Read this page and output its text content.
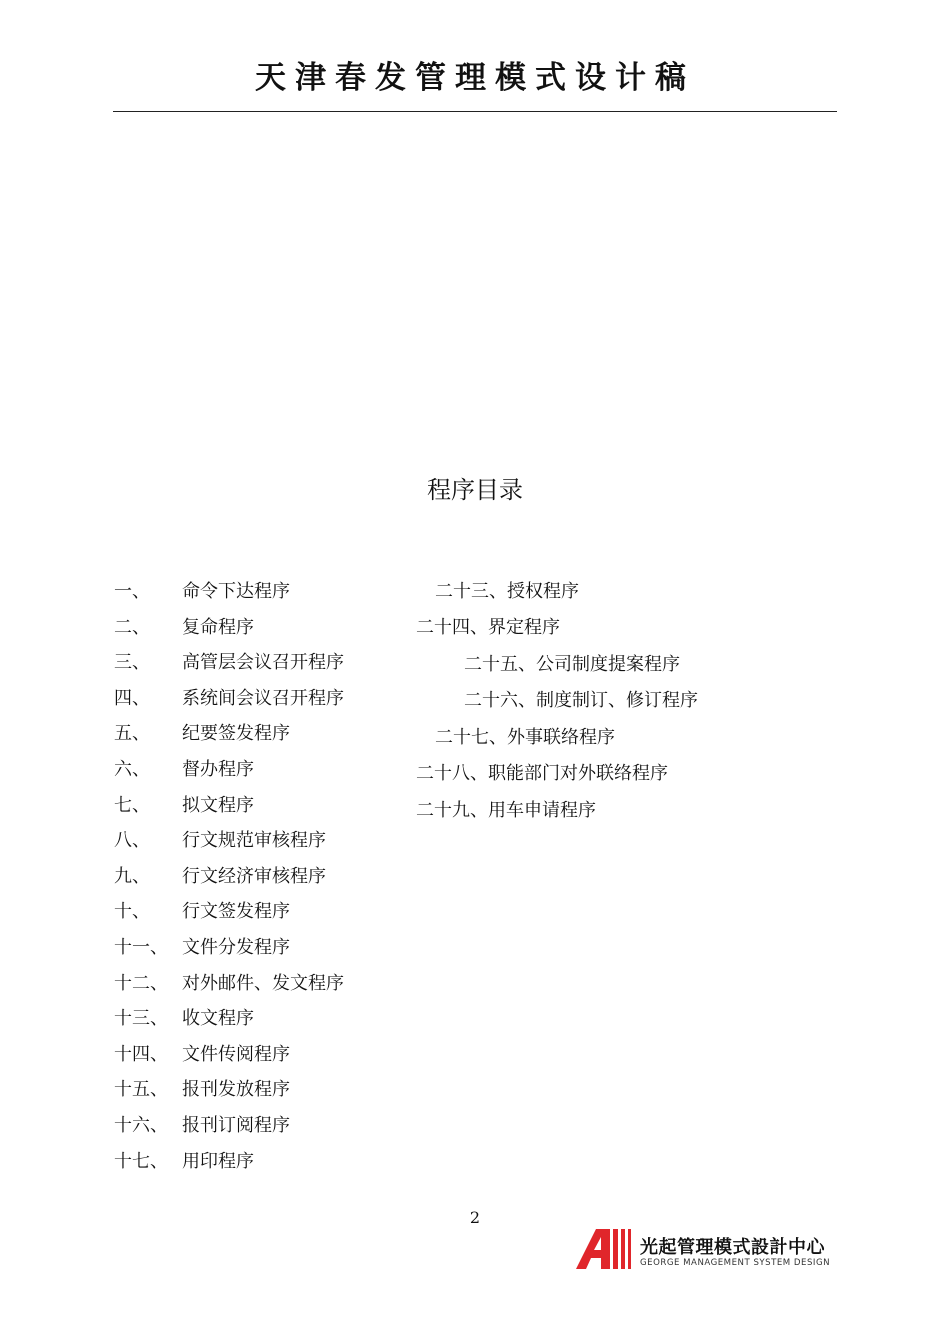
天津春发管理模式设计稿
程序目录
一、 命令下达程序
二、 复命程序
三、 高管层会议召开程序
四、 系统间会议召开程序
五、 纪要签发程序
六、 督办程序
七、 拟文程序
八、 行文规范审核程序
九、 行文经济审核程序
十、 行文签发程序
十一、 文件分发程序
十二、 对外邮件、发文程序
十三、 收文程序
十四、 文件传阅程序
十五、 报刊发放程序
十六、 报刊订阅程序
十七、 用印程序
二十三、授权程序
二十四、界定程序
二十五、公司制度提案程序
二十六、制度制订、修订程序
二十七、外事联络程序
二十八、职能部门对外联络程序
二十九、用车申请程序
2
光起管理模式設計中心
GEORGE MANAGEMENT SYSTEM DESIGN
